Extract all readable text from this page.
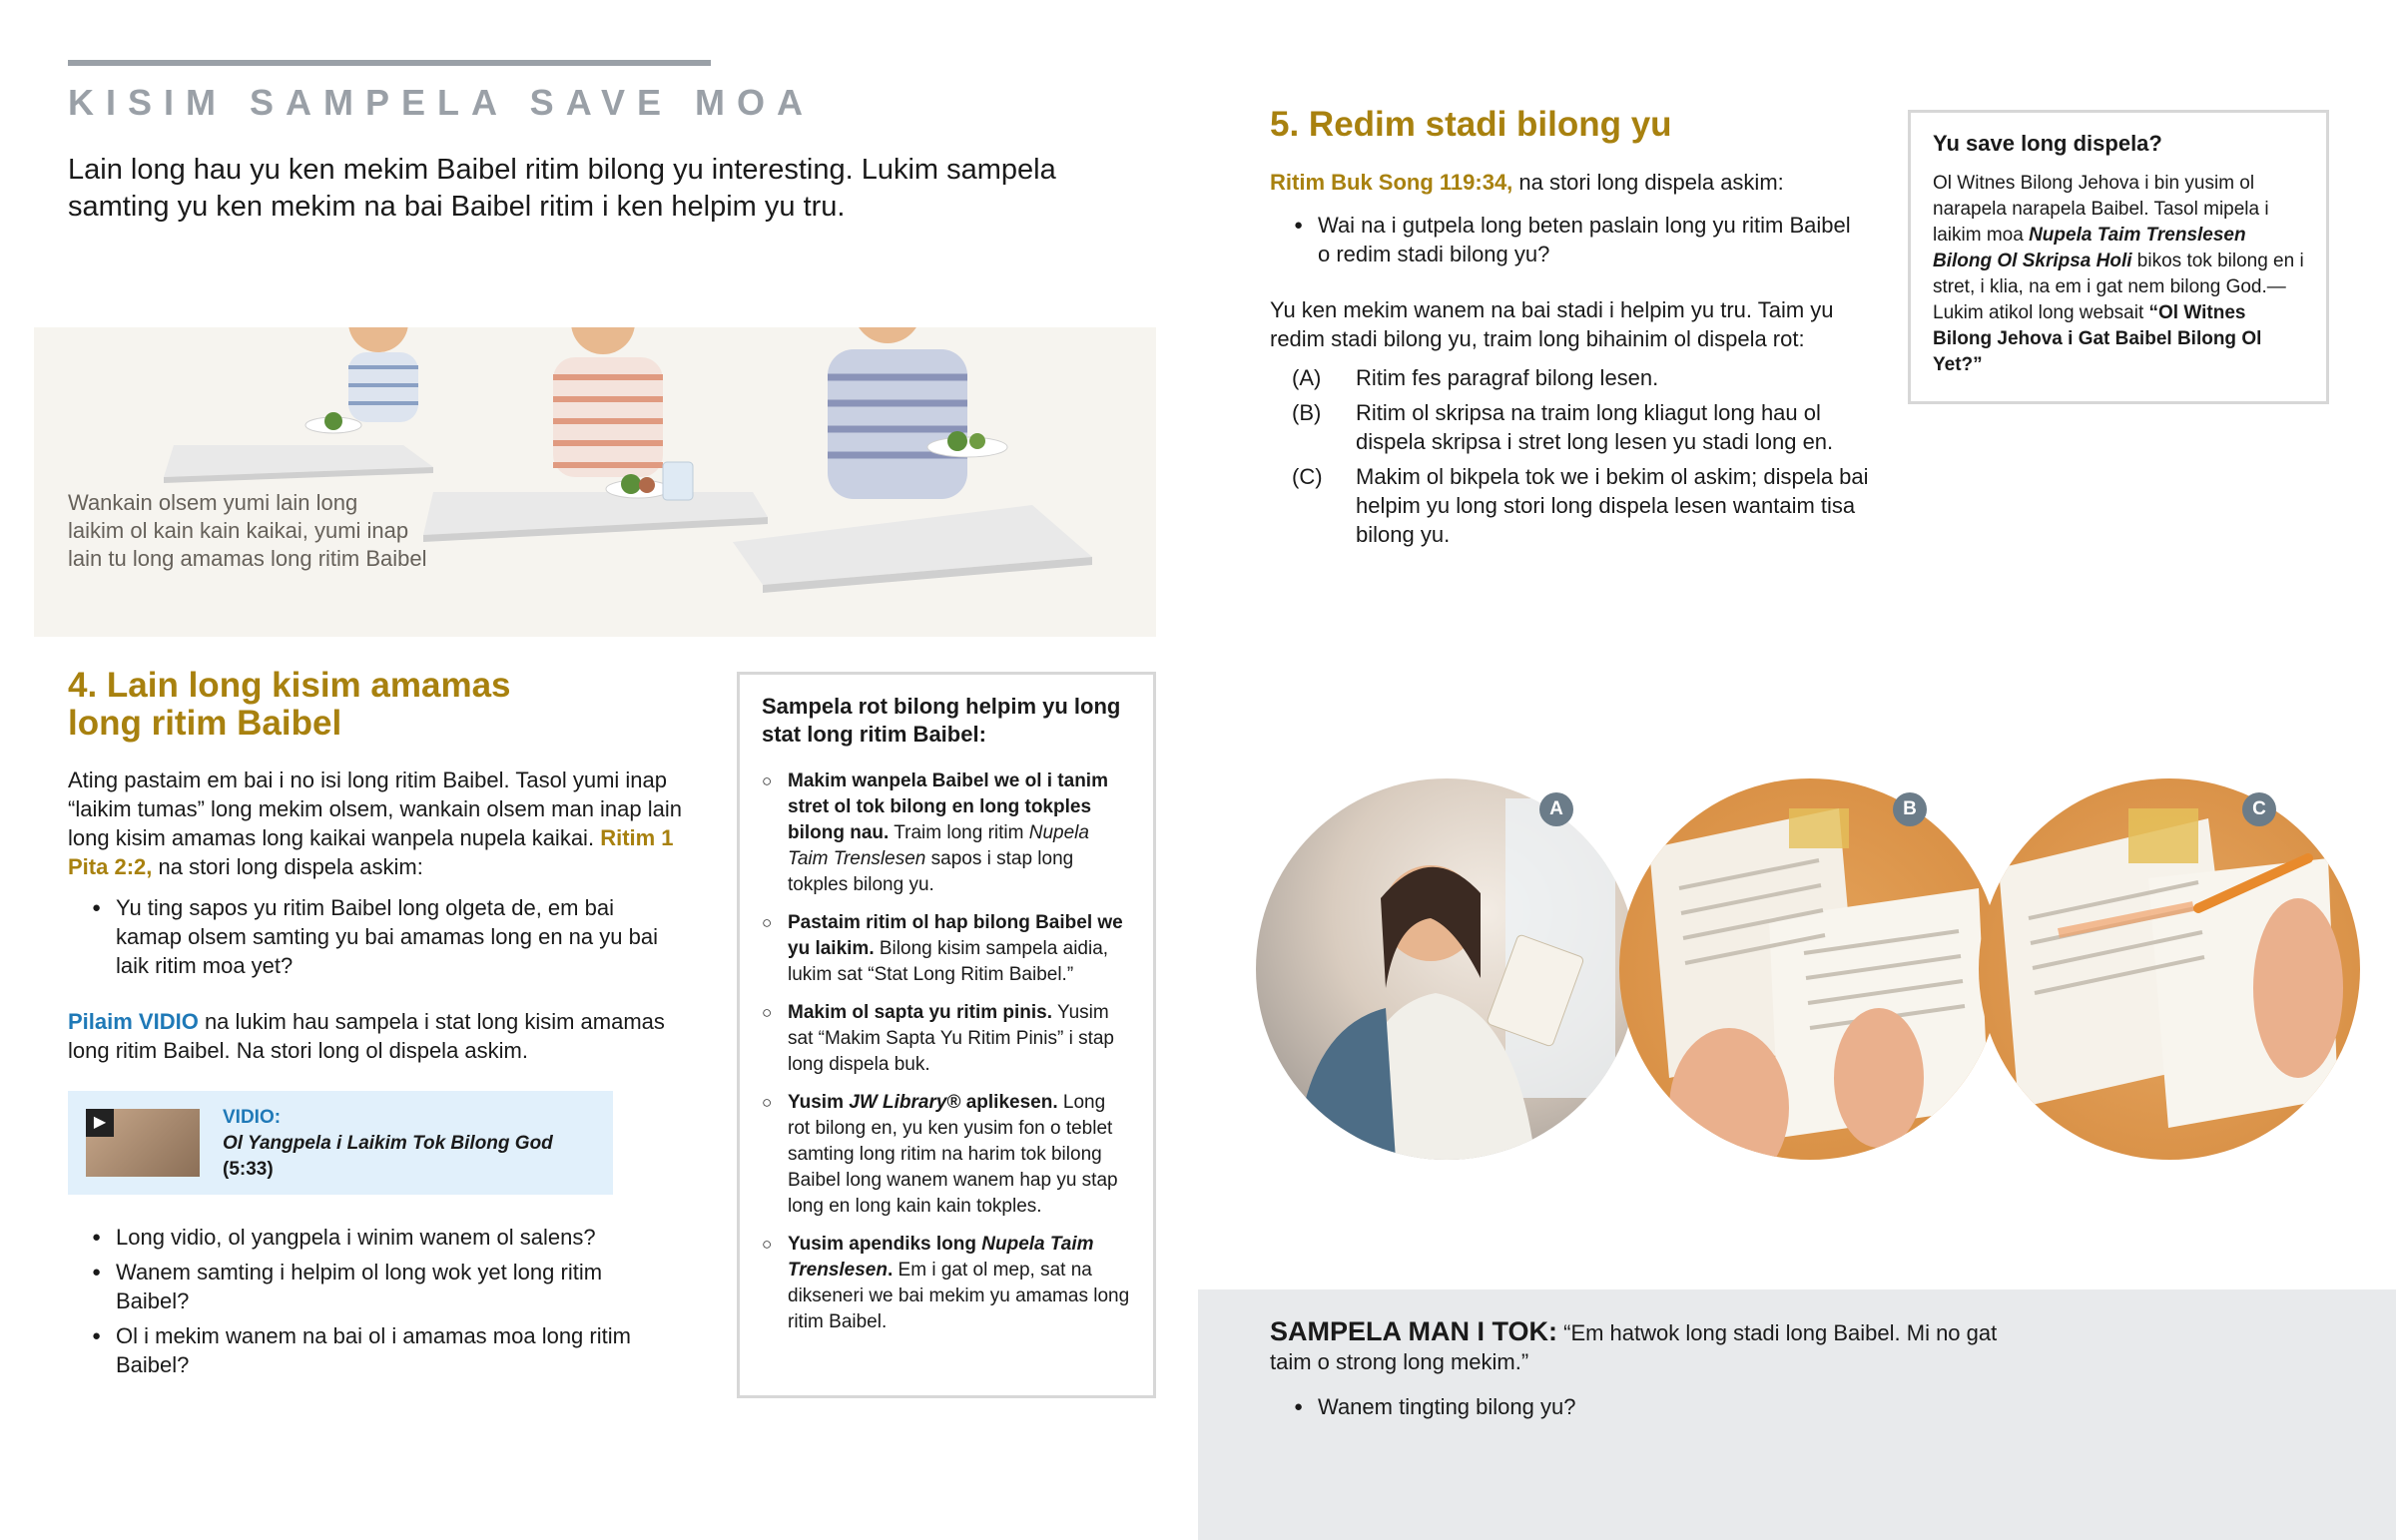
KISIM SAMPELA SAVE MOA
Lain long hau yu ken mekim Baibel ritim bilong yu interesting. Lukim sampela samting yu ken mekim na bai Baibel ritim i ken helpim yu tru.
Wankain olsem yumi lain long
laikim ol kain kain kaikai, yumi inap
lain tu long amamas long ritim Baibel
4. Lain long kisim amamas
long ritim Baibel
Ating pastaim em bai i no isi long ritim Baibel. Tasol yumi inap “laikim tumas” long mekim olsem, wankain olsem man inap lain long kisim amamas long kaikai wanpela nupela kaikai. Ritim 1 Pita 2:2, na stori long dispela askim:
● Yu ting sapos yu ritim Baibel long olgeta de, em bai kamap olsem samting yu bai amamas long en na yu bai laik ritim moa yet?
Pilaim VIDIO na lukim hau sampela i stat long kisim amamas long ritim Baibel. Na stori long ol dispela askim.
▶	VIDIO:
Ol Yangpela i Laikim Tok Bilong God
(5:33)
● Long vidio, ol yangpela i winim wanem ol salens?
● Wanem samting i helpim ol long wok yet long ritim Baibel?
● Ol i mekim wanem na bai ol i amamas moa long ritim Baibel?
Sampela rot bilong helpim yu long stat long ritim Baibel:
○ Makim wanpela Baibel we ol i tanim stret ol tok bilong en long tokples bilong nau. Traim long ritim Nupela Taim Trenslesen sapos i stap long tokples bilong yu.
○ Pastaim ritim ol hap bilong Baibel we yu laikim. Bilong kisim sampela aidia, lukim sat “Stat Long Ritim Baibel.”
○ Makim ol sapta yu ritim pinis. Yusim sat “Makim Sapta Yu Ritim Pinis” i stap long dispela buk.
○ Yusim JW Library® aplikesen. Long rot bilong en, yu ken yusim fon o teblet samting long ritim na harim tok bilong Baibel long wanem wanem hap yu stap long en long kain kain tokples.
○ Yusim apendiks long Nupela Taim Trenslesen. Em i gat ol mep, sat na dikseneri we bai mekim yu amamas long ritim Baibel.
5. Redim stadi bilong yu
Ritim Buk Song 119:34, na stori long dispela askim:
● Wai na i gutpela long beten paslain long yu ritim Baibel o redim stadi bilong yu?
Yu ken mekim wanem na bai stadi i helpim yu tru. Taim yu redim stadi bilong yu, traim long bihainim ol dispela rot:
(A) Ritim fes paragraf bilong lesen.
(B) Ritim ol skripsa na traim long kliagut long hau ol dispela skripsa i stret long lesen yu stadi long en.
(C) Makim ol bikpela tok we i bekim ol askim; dispela bai helpim yu long stori long dispela lesen wantaim tisa bilong yu.
Yu save long dispela?

Ol Witnes Bilong Jehova i bin yusim ol narapela narapela Baibel. Tasol mipela i laikim moa Nupela Taim Trenslesen Bilong Ol Skripsa Holi bikos tok bilong en i stret, i klia, na em i gat nem bilong God.—Lukim atikol long websait “Ol Witnes Bilong Jehova i Gat Baibel Bilong Ol Yet?”

A	B	C
SAMPELA MAN I TOK: “Em hatwok long stadi long Baibel. Mi no gat taim o strong long mekim.”
● Wanem tingting bilong yu?
